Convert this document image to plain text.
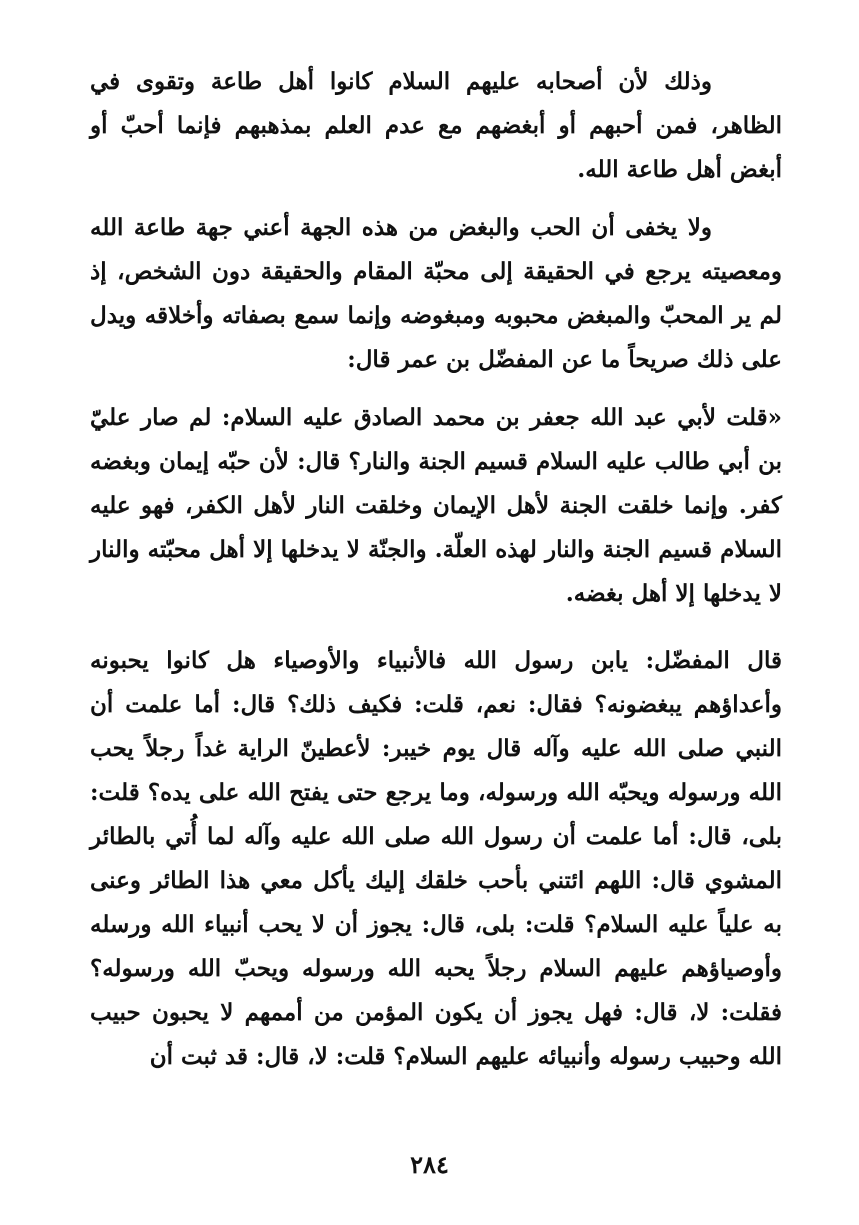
وذلك لأن أصحابه عليهم السلام كانوا أهل طاعة وتقوى في الظاهر، فمن أحبهم أو أبغضهم مع عدم العلم بمذهبهم فإنما أحبّ أو أبغض أهل طاعة الله.

ولا يخفى أن الحب والبغض من هذه الجهة أعني جهة طاعة الله ومعصيته يرجع في الحقيقة إلى محبّة المقام والحقيقة دون الشخص، إذ لم ير المحبّ والمبغض محبوبه ومبغوضه وإنما سمع بصفاته وأخلاقه ويدل على ذلك صريحاً ما عن المفضّل بن عمر قال:

«قلت لأبي عبد الله جعفر بن محمد الصادق عليه السلام: لم صار عليّ بن أبي طالب عليه السلام قسيم الجنة والنار؟ قال: لأن حبّه إيمان وبغضه كفر. وإنما خلقت الجنة لأهل الإيمان وخلقت النار لأهل الكفر، فهو عليه السلام قسيم الجنة والنار لهذه العلّة. والجنّة لا يدخلها إلا أهل محبّته والنار لا يدخلها إلا أهل بغضه.

قال المفضّل: يابن رسول الله فالأنبياء والأوصياء هل كانوا يحبونه وأعداؤهم يبغضونه؟ فقال: نعم، قلت: فكيف ذلك؟ قال: أما علمت أن النبي صلى الله عليه وآله قال يوم خيبر: لأعطينّ الراية غداً رجلاً يحب الله ورسوله ويحبّه الله ورسوله، وما يرجع حتى يفتح الله على يده؟ قلت: بلى، قال: أما علمت أن رسول الله صلى الله عليه وآله لما أُتي بالطائر المشوي قال: اللهم ائتني بأحب خلقك إليك يأكل معي هذا الطائر وعنى به علياً عليه السلام؟ قلت: بلى، قال: يجوز أن لا يحب أنبياء الله ورسله وأوصياؤهم عليهم السلام رجلاً يحبه الله ورسوله ويحبّ الله ورسوله؟ فقلت: لا، قال: فهل يجوز أن يكون المؤمن من أممهم لا يحبون حبيب الله وحبيب رسوله وأنبيائه عليهم السلام؟ قلت: لا، قال: قد ثبت أن

٢٨٤
